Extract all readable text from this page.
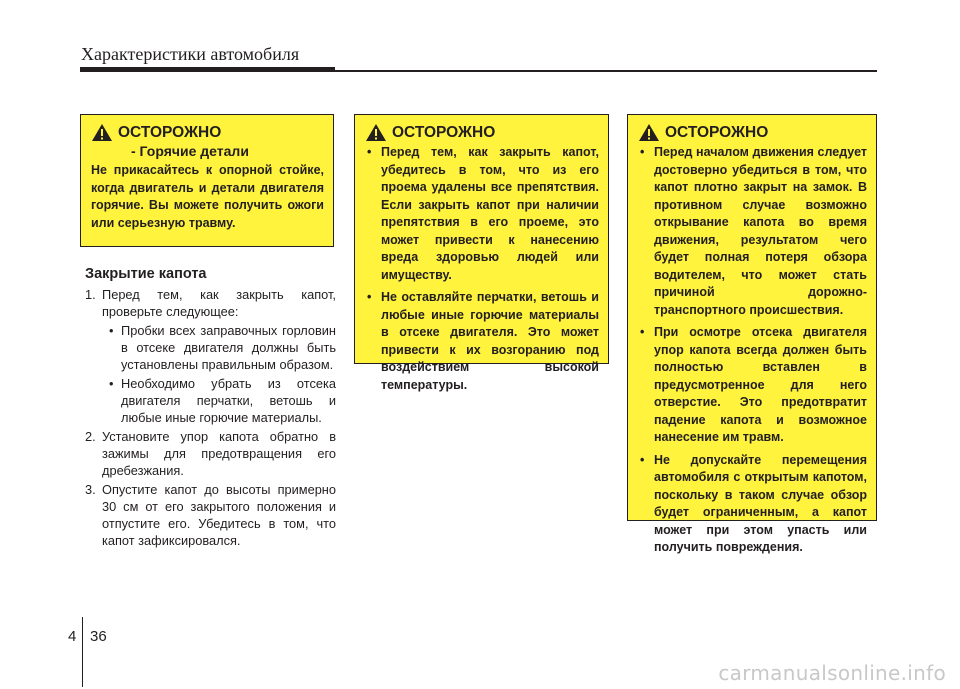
Характеристики автомобиля
ОСТОРОЖНО
- Горячие детали
Не прикасайтесь к опорной стойке, когда двигатель и детали двигателя горячие. Вы можете получить ожоги или серьезную травму.
Закрытие капота
1. Перед тем, как закрыть капот, проверьте следующее:
• Пробки всех заправочных горловин в отсеке двигателя должны быть установлены правильным образом.
• Необходимо убрать из отсека двигателя перчатки, ветошь и любые иные горючие материалы.
2. Установите упор капота обратно в зажимы для предотвращения его дребезжания.
3. Опустите капот до высоты примерно 30 см от его закрытого положения и отпустите его. Убедитесь в том, что капот зафиксировался.
ОСТОРОЖНО
• Перед тем, как закрыть капот, убедитесь в том, что из его проема удалены все препятствия. Если закрыть капот при наличии препятствия в его проеме, это может привести к нанесению вреда здоровью людей или имуществу.
• Не оставляйте перчатки, ветошь и любые иные горючие материалы в отсеке двигателя. Это может привести к их возгоранию под воздействием высокой температуры.
ОСТОРОЖНО
• Перед началом движения следует достоверно убедиться в том, что капот плотно закрыт на замок. В противном случае возможно открывание капота во время движения, результатом чего будет полная потеря обзора водителем, что может стать причиной дорожно-транспортного происшествия.
• При осмотре отсека двигателя упор капота всегда должен быть полностью вставлен в предусмотренное для него отверстие. Это предотвратит падение капота и возможное нанесение им травм.
• Не допускайте перемещения автомобиля с открытым капотом, поскольку в таком случае обзор будет ограниченным, а капот может при этом упасть или получить повреждения.
4 36
carmanualsonline.info
